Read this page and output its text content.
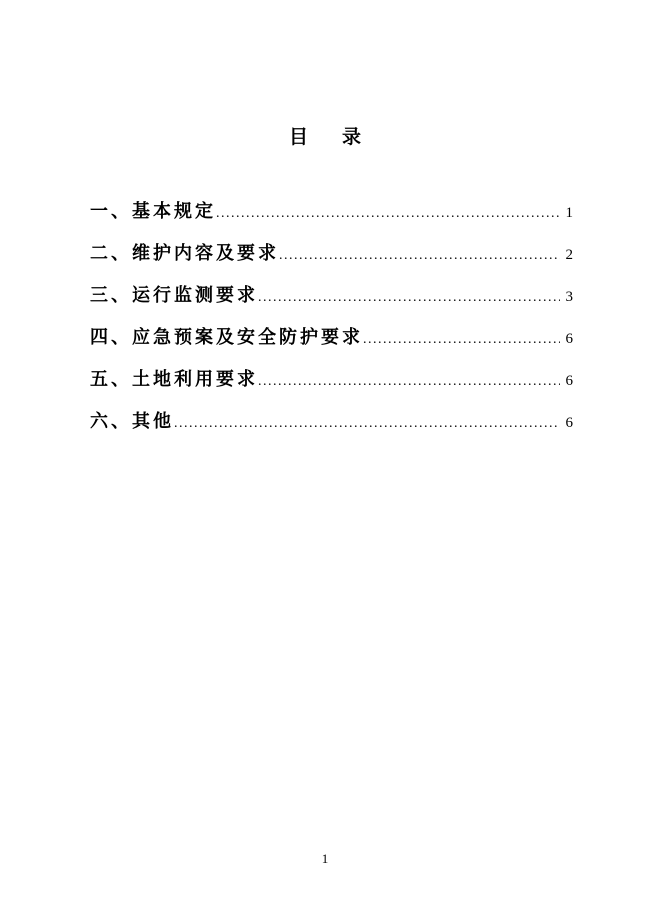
目 录
一、基本规定 .....	1
二、维护内容及要求 .....	2
三、运行监测要求 .....	3
四、应急预案及安全防护要求 .....	6
五、土地利用要求 .....	6
六、其他 .....	6
1
